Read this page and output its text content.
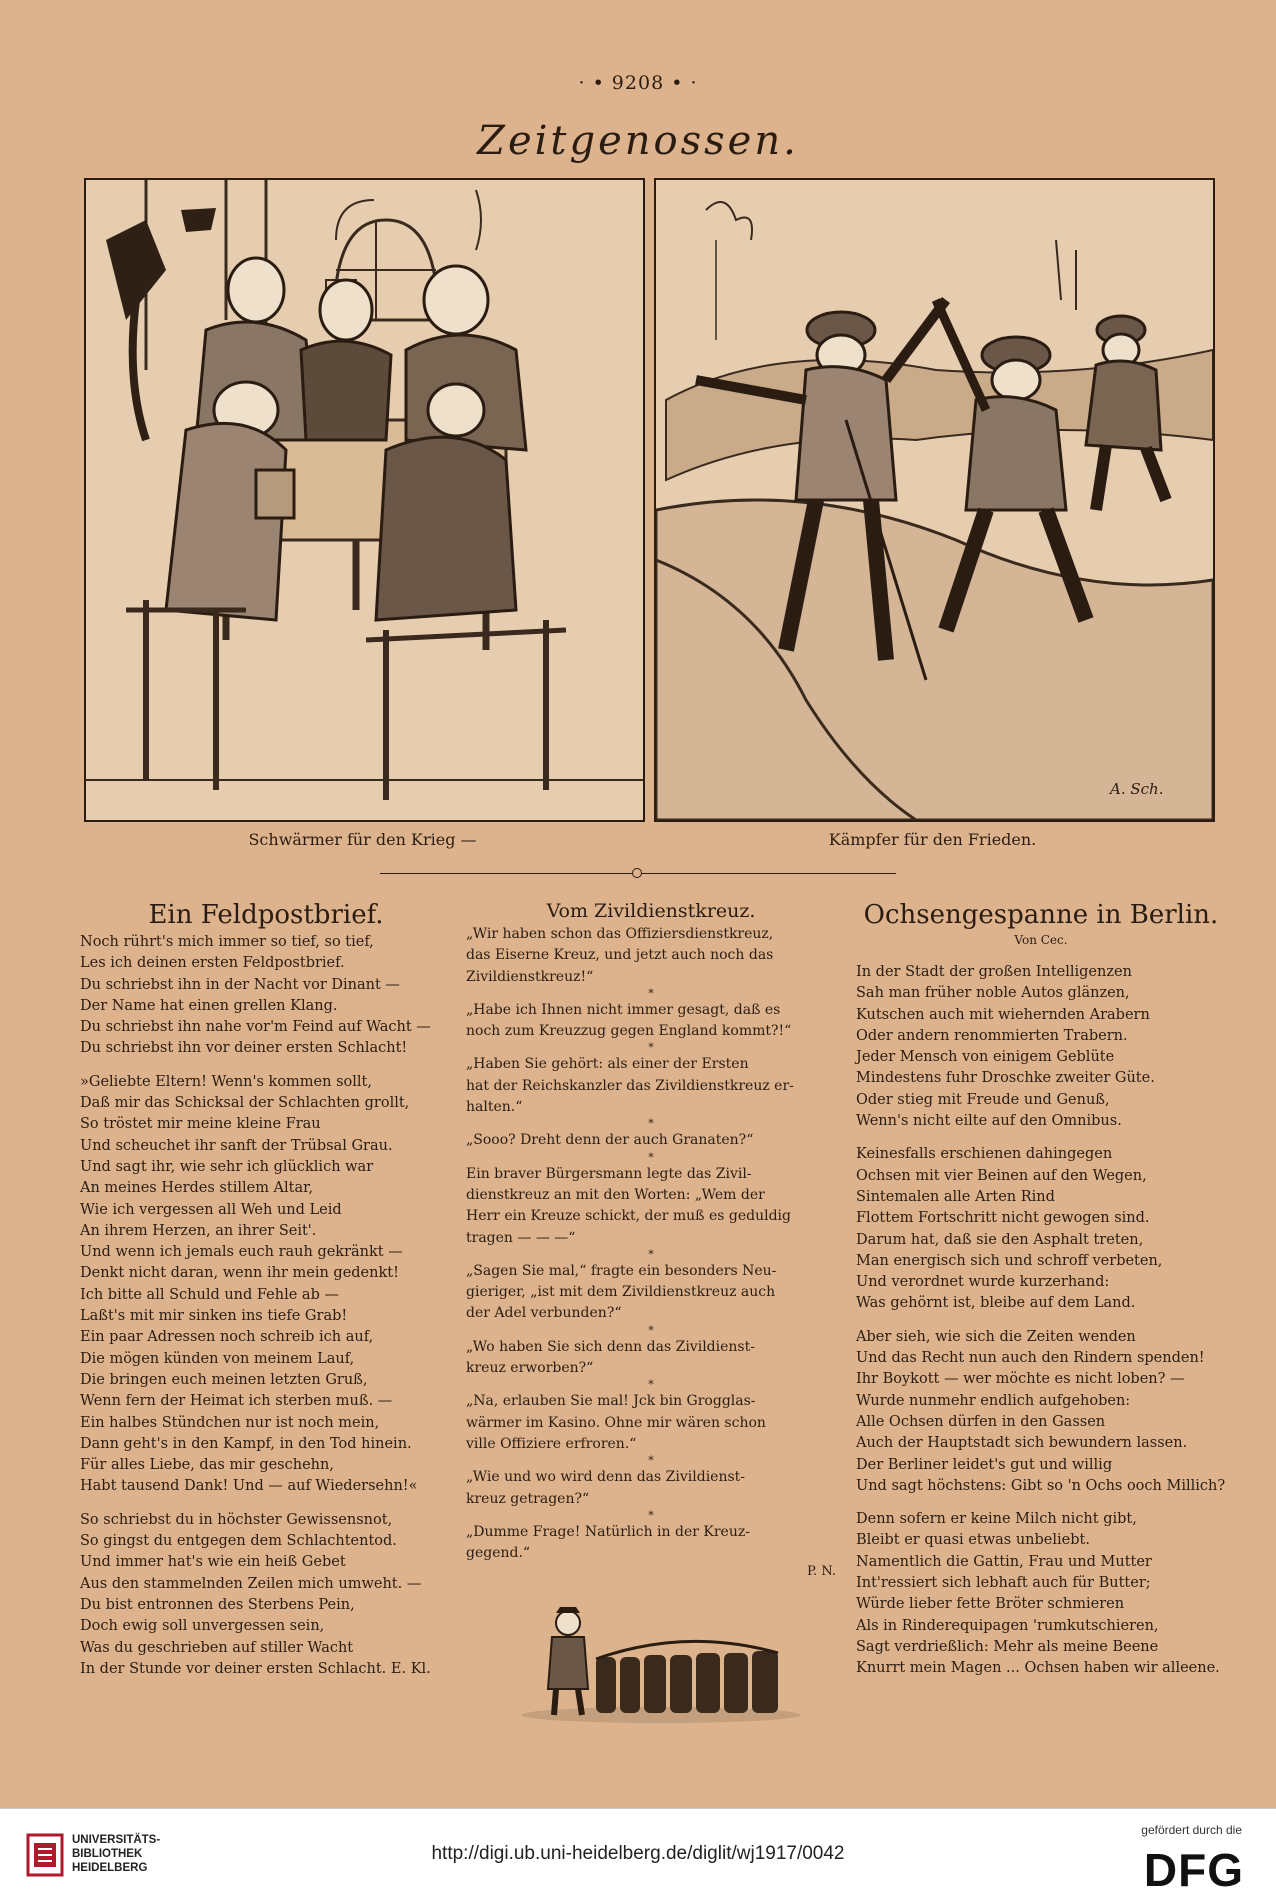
· • 9208 • ·
Zeitgenossen.
A. Sch.
Schwärmer für den Krieg —	Kämpfer für den Frieden.
Ein Feldpostbrief.
Noch rührt's mich immer so tief, so tief,
Les ich deinen ersten Feldpostbrief.
Du schriebst ihn in der Nacht vor Dinant —
Der Name hat einen grellen Klang.
Du schriebst ihn nahe vor'm Feind auf Wacht —
Du schriebst ihn vor deiner ersten Schlacht!
»Geliebte Eltern! Wenn's kommen sollt,
Daß mir das Schicksal der Schlachten grollt,
So tröstet mir meine kleine Frau
Und scheuchet ihr sanft der Trübsal Grau.
Und sagt ihr, wie sehr ich glücklich war
An meines Herdes stillem Altar,
Wie ich vergessen all Weh und Leid
An ihrem Herzen, an ihrer Seit'.
Und wenn ich jemals euch rauh gekränkt —
Denkt nicht daran, wenn ihr mein gedenkt!
Ich bitte all Schuld und Fehle ab —
Laßt's mit mir sinken ins tiefe Grab!
Ein paar Adressen noch schreib ich auf,
Die mögen künden von meinem Lauf,
Die bringen euch meinen letzten Gruß,
Wenn fern der Heimat ich sterben muß. —
Ein halbes Stündchen nur ist noch mein,
Dann geht's in den Kampf, in den Tod hinein.
Für alles Liebe, das mir geschehn,
Habt tausend Dank! Und — auf Wiedersehn!«
So schriebst du in höchster Gewissensnot,
So gingst du entgegen dem Schlachtentod.
Und immer hat's wie ein heiß Gebet
Aus den stammelnden Zeilen mich umweht. —
Du bist entronnen des Sterbens Pein,
Doch ewig soll unvergessen sein,
Was du geschrieben auf stiller Wacht
In der Stunde vor deiner ersten Schlacht. E. Kl.
Vom Zivildienstkreuz.
„Wir haben schon das Offiziersdienstkreuz,
das Eiserne Kreuz, und jetzt auch noch das
Zivildienstkreuz!“
*
„Habe ich Ihnen nicht immer gesagt, daß es
noch zum Kreuzzug gegen England kommt?!“
*
„Haben Sie gehört: als einer der Ersten
hat der Reichskanzler das Zivildienstkreuz er-
halten.“
*
„Sooo? Dreht denn der auch Granaten?“
*
Ein braver Bürgersmann legte das Zivil-
dienstkreuz an mit den Worten: „Wem der
Herr ein Kreuze schickt, der muß es geduldig
tragen — — —“
*
„Sagen Sie mal,“ fragte ein besonders Neu-
gieriger, „ist mit dem Zivildienstkreuz auch
der Adel verbunden?“
*
„Wo haben Sie sich denn das Zivildienst-
kreuz erworben?“
*
„Na, erlauben Sie mal! Jck bin Grogglas-
wärmer im Kasino. Ohne mir wären schon
ville Offiziere erfroren.“
*
„Wie und wo wird denn das Zivildienst-
kreuz getragen?“
*
„Dumme Frage! Natürlich in der Kreuz-
gegend.“
P. N.
Ochsengespanne in Berlin.
Von Cec.
In der Stadt der großen Intelligenzen
Sah man früher noble Autos glänzen,
Kutschen auch mit wiehernden Arabern
Oder andern renommierten Trabern.
Jeder Mensch von einigem Geblüte
Mindestens fuhr Droschke zweiter Güte.
Oder stieg mit Freude und Genuß,
Wenn's nicht eilte auf den Omnibus.
Keinesfalls erschienen dahingegen
Ochsen mit vier Beinen auf den Wegen,
Sintemalen alle Arten Rind
Flottem Fortschritt nicht gewogen sind.
Darum hat, daß sie den Asphalt treten,
Man energisch sich und schroff verbeten,
Und verordnet wurde kurzerhand:
Was gehörnt ist, bleibe auf dem Land.
Aber sieh, wie sich die Zeiten wenden
Und das Recht nun auch den Rindern spenden!
Ihr Boykott — wer möchte es nicht loben? —
Wurde nunmehr endlich aufgehoben:
Alle Ochsen dürfen in den Gassen
Auch der Hauptstadt sich bewundern lassen.
Der Berliner leidet's gut und willig
Und sagt höchstens: Gibt so 'n Ochs ooch Millich?
Denn sofern er keine Milch nicht gibt,
Bleibt er quasi etwas unbeliebt.
Namentlich die Gattin, Frau und Mutter
Int'ressiert sich lebhaft auch für Butter;
Würde lieber fette Bröter schmieren
Als in Rinderequipagen 'rumkutschieren,
Sagt verdrießlich: Mehr als meine Beene
Knurrt mein Magen ... Ochsen haben wir alleene.
UNIVERSITÄTS-
BIBLIOTHEK
HEIDELBERG
http://digi.ub.uni-heidelberg.de/diglit/wj1917/0042
gefördert durch die
DFG
